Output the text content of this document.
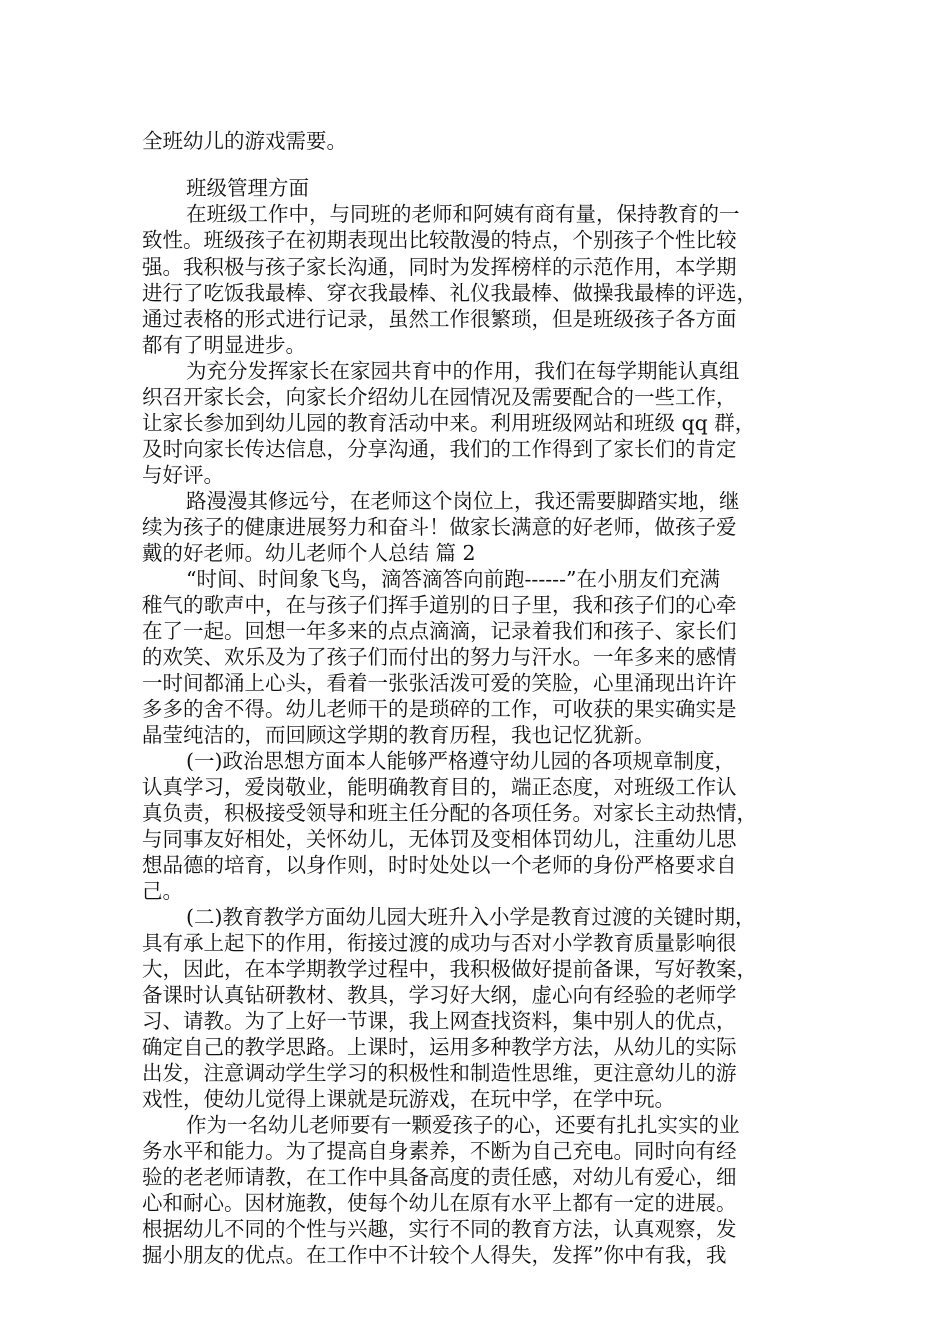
全班幼儿的游戏需要。

班级管理方面

在班级工作中，与同班的老师和阿姨有商有量，保持教育的一

致性。班级孩子在初期表现出比较散漫的特点，个别孩子个性比较

强。我积极与孩子家长沟通，同时为发挥榜样的示范作用，本学期

进行了吃饭我最棒、穿衣我最棒、礼仪我最棒、做操我最棒的评选，

通过表格的形式进行记录，虽然工作很繁琐，但是班级孩子各方面

都有了明显进步。

为充分发挥家长在家园共育中的作用，我们在每学期能认真组

织召开家长会，向家长介绍幼儿在园情况及需要配合的一些工作，

让家长参加到幼儿园的教育活动中来。利用班级网站和班级 qq 群，

及时向家长传达信息，分享沟通，我们的工作得到了家长们的肯定

与好评。

路漫漫其修远兮，在老师这个岗位上，我还需要脚踏实地，继

续为孩子的健康进展努力和奋斗！做家长满意的好老师，做孩子爱

戴的好老师。幼儿老师个人总结 篇 2

“时间、时间象飞鸟，滴答滴答向前跑------”在小朋友们充满

稚气的歌声中，在与孩子们挥手道别的日子里，我和孩子们的心牵

在了一起。回想一年多来的点点滴滴，记录着我们和孩子、家长们

的欢笑、欢乐及为了孩子们而付出的努力与汗水。一年多来的感情

一时间都涌上心头，看着一张张活泼可爱的笑脸，心里涌现出许许

多多的舍不得。幼儿老师干的是琐碎的工作，可收获的果实确实是

晶莹纯洁的，而回顾这学期的教育历程，我也记忆犹新。

(一)政治思想方面本人能够严格遵守幼儿园的各项规章制度，

认真学习，爱岗敬业，能明确教育目的，端正态度，对班级工作认

真负责，积极接受领导和班主任分配的各项任务。对家长主动热情，

与同事友好相处，关怀幼儿，无体罚及变相体罚幼儿，注重幼儿思

想品德的培育，以身作则，时时处处以一个老师的身份严格要求自

己。

(二)教育教学方面幼儿园大班升入小学是教育过渡的关键时期，

具有承上起下的作用，衔接过渡的成功与否对小学教育质量影响很

大，因此，在本学期教学过程中，我积极做好提前备课，写好教案，

备课时认真钻研教材、教具，学习好大纲，虚心向有经验的老师学

习、请教。为了上好一节课，我上网查找资料，集中别人的优点，

确定自己的教学思路。上课时，运用多种教学方法，从幼儿的实际

出发，注意调动学生学习的积极性和制造性思维，更注意幼儿的游

戏性，使幼儿觉得上课就是玩游戏，在玩中学，在学中玩。

作为一名幼儿老师要有一颗爱孩子的心，还要有扎扎实实的业

务水平和能力。为了提高自身素养，不断为自己充电。同时向有经

验的老老师请教，在工作中具备高度的责任感，对幼儿有爱心，细

心和耐心。因材施教，使每个幼儿在原有水平上都有一定的进展。

根据幼儿不同的个性与兴趣，实行不同的教育方法，认真观察，发

掘小朋友的优点。在工作中不计较个人得失，发挥”你中有我，我
